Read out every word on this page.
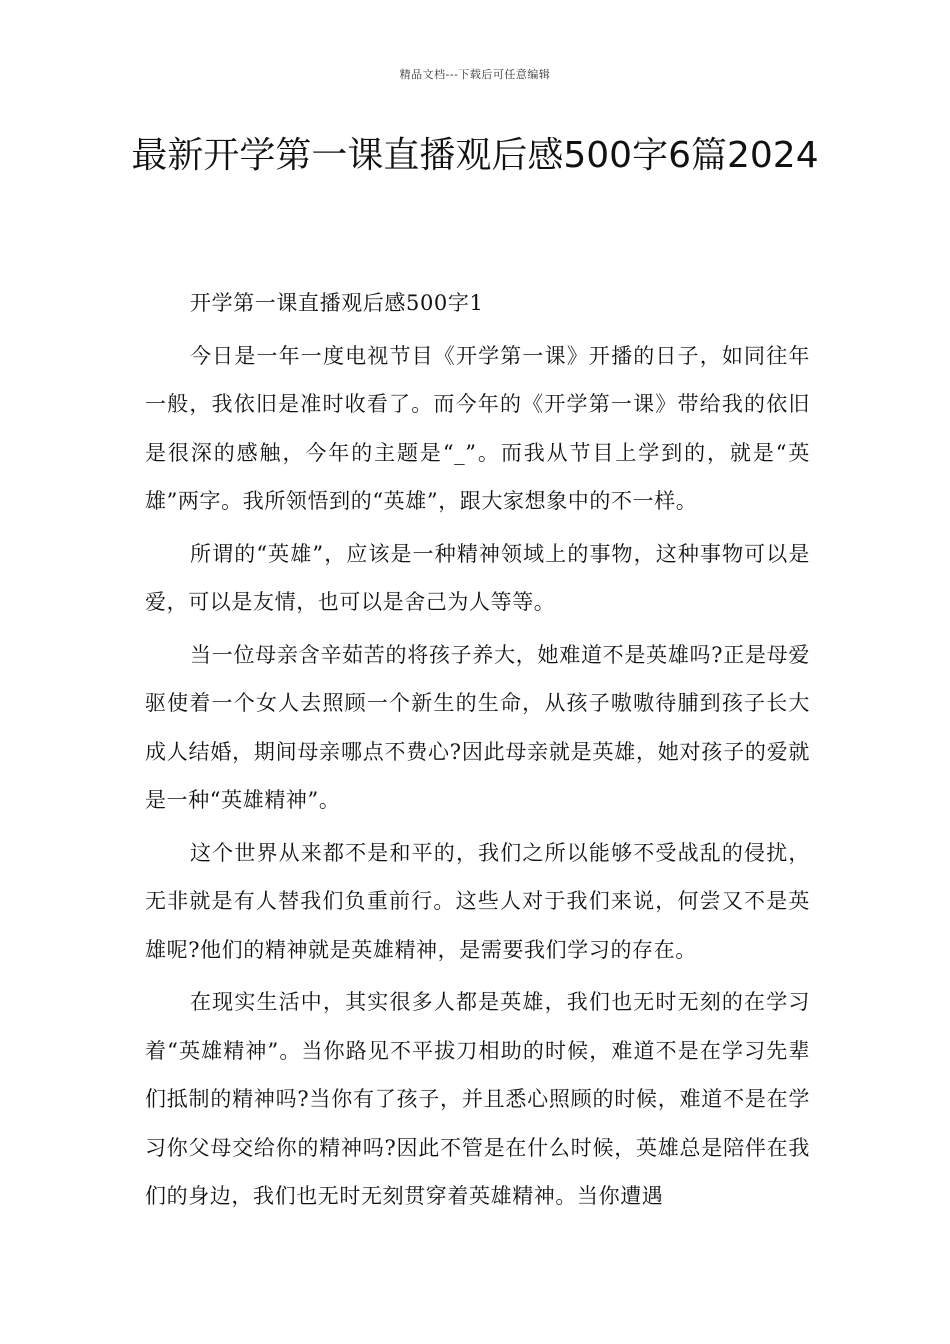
精品文档---下载后可任意编辑
最新开学第一课直播观后感500字6篇2024

开学第一课直播观后感500字1

今日是一年一度电视节目《开学第一课》开播的日子，如同往年一般，我依旧是准时收看了。而今年的《开学第一课》带给我的依旧是很深的感触，今年的主题是“_”。而我从节目上学到的，就是“英雄”两字。我所领悟到的“英雄”，跟大家想象中的不一样。

所谓的“英雄”，应该是一种精神领域上的事物，这种事物可以是爱，可以是友情，也可以是舍己为人等等。

当一位母亲含辛茹苦的将孩子养大，她难道不是英雄吗?正是母爱驱使着一个女人去照顾一个新生的生命，从孩子嗷嗷待脯到孩子长大成人结婚，期间母亲哪点不费心?因此母亲就是英雄，她对孩子的爱就是一种“英雄精神”。

这个世界从来都不是和平的，我们之所以能够不受战乱的侵扰，无非就是有人替我们负重前行。这些人对于我们来说，何尝又不是英雄呢?他们的精神就是英雄精神，是需要我们学习的存在。

在现实生活中，其实很多人都是英雄，我们也无时无刻的在学习着“英雄精神”。当你路见不平拔刀相助的时候，难道不是在学习先辈们抵制的精神吗?当你有了孩子，并且悉心照顾的时候，难道不是在学习你父母交给你的精神吗?因此不管是在什么时候，英雄总是陪伴在我们的身边，我们也无时无刻贯穿着英雄精神。当你遭遇
